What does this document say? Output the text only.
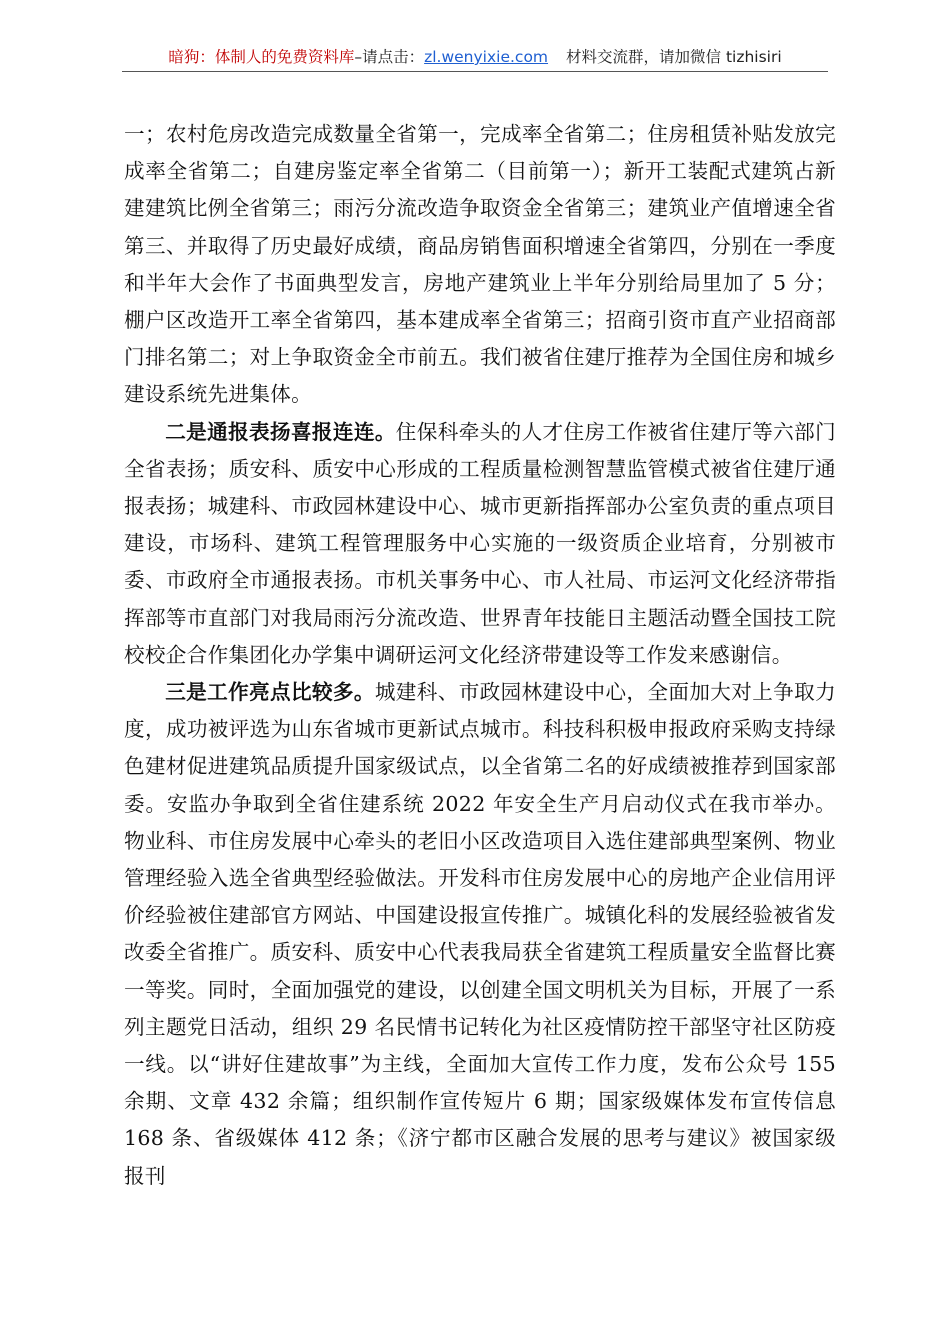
暗狗：体制人的免费资料库–请点击：zl.wenyixie.com 材料交流群，请加微信 tizhisiri

一；农村危房改造完成数量全省第一，完成率全省第二；住房租赁补贴发放完成率全省第二；自建房鉴定率全省第二（目前第一）；新开工装配式建筑占新建建筑比例全省第三；雨污分流改造争取资金全省第三；建筑业产值增速全省第三、并取得了历史最好成绩，商品房销售面积增速全省第四，分别在一季度和半年大会作了书面典型发言，房地产建筑业上半年分别给局里加了 5 分；棚户区改造开工率全省第四，基本建成率全省第三；招商引资市直产业招商部门排名第二；对上争取资金全市前五。我们被省住建厅推荐为全国住房和城乡建设系统先进集体。

二是通报表扬喜报连连。住保科牵头的人才住房工作被省住建厅等六部门全省表扬；质安科、质安中心形成的工程质量检测智慧监管模式被省住建厅通报表扬；城建科、市政园林建设中心、城市更新指挥部办公室负责的重点项目建设，市场科、建筑工程管理服务中心实施的一级资质企业培育，分别被市委、市政府全市通报表扬。市机关事务中心、市人社局、市运河文化经济带指挥部等市直部门对我局雨污分流改造、世界青年技能日主题活动暨全国技工院校校企合作集团化办学集中调研运河文化经济带建设等工作发来感谢信。

三是工作亮点比较多。城建科、市政园林建设中心，全面加大对上争取力度，成功被评选为山东省城市更新试点城市。科技科积极申报政府采购支持绿色建材促进建筑品质提升国家级试点，以全省第二名的好成绩被推荐到国家部委。安监办争取到全省住建系统 2022 年安全生产月启动仪式在我市举办。物业科、市住房发展中心牵头的老旧小区改造项目入选住建部典型案例、物业管理经验入选全省典型经验做法。开发科市住房发展中心的房地产企业信用评价经验被住建部官方网站、中国建设报宣传推广。城镇化科的发展经验被省发改委全省推广。质安科、质安中心代表我局获全省建筑工程质量安全监督比赛一等奖。同时，全面加强党的建设，以创建全国文明机关为目标，开展了一系列主题党日活动，组织 29 名民情书记转化为社区疫情防控干部坚守社区防疫一线。以“讲好住建故事”为主线，全面加大宣传工作力度，发布公众号 155 余期、文章 432 余篇；组织制作宣传短片 6 期；国家级媒体发布宣传信息 168 条、省级媒体 412 条；《济宁都市区融合发展的思考与建议》被国家级报刊
